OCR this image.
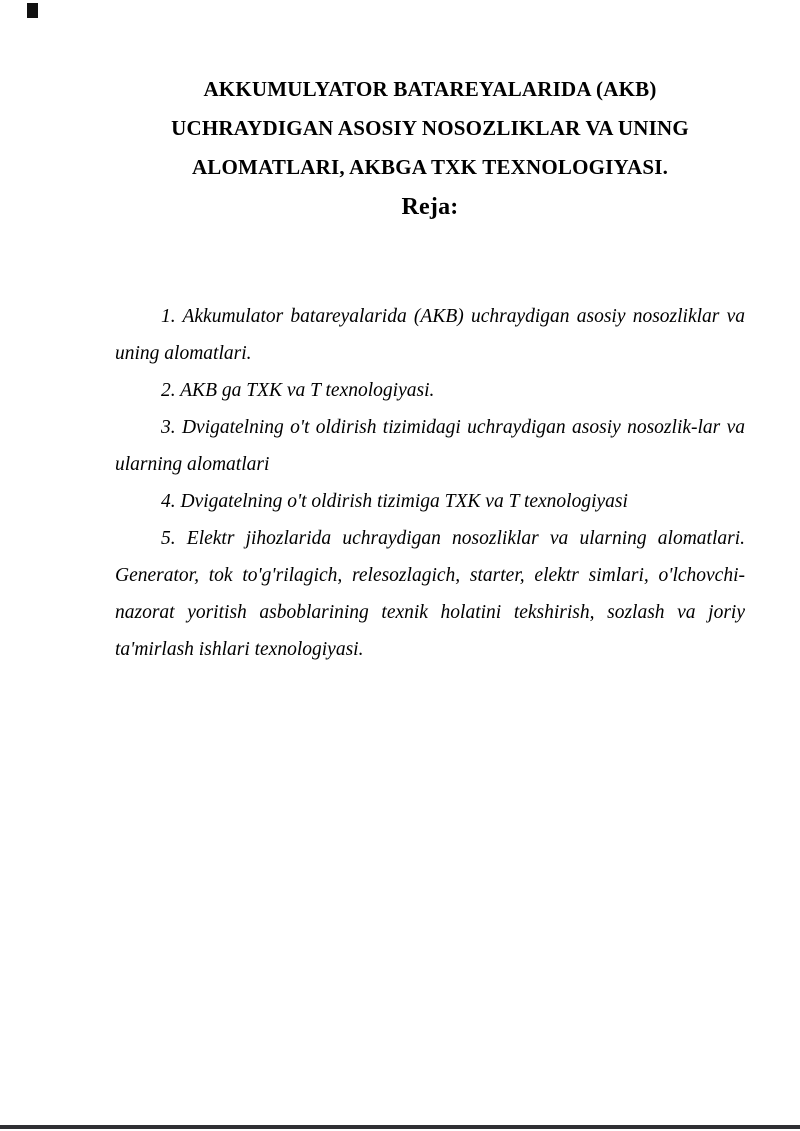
AKKUMULYATOR BATAREYALARIDA (AKB)
UCHRAYDIGAN ASOSIY NOSOZLIKLAR VA UNING
ALOMATLARI, AKBGA TXK TEXNOLOGIYASI.
Reja:

1. Akkumulator batareyalarida (AKB) uchraydigan asosiy nosozliklar va uning alomatlari.

2. AKB ga TXK va T texnologiyasi.

3. Dvigatelning o't oldirish tizimidagi uchraydigan asosiy nosozlik-lar va ularning alomatlari

4. Dvigatelning o't oldirish tizimiga TXK va T texnologiyasi

5. Elektr jihozlarida uchraydigan nosozliklar va ularning alomatlari. Generator, tok to'g'rilagich, relesozlagich, starter, elektr simlari, o'lchovchi-nazorat yoritish asboblarining texnik holatini tekshirish, sozlash va joriy ta'mirlash ishlari texnologiyasi.
